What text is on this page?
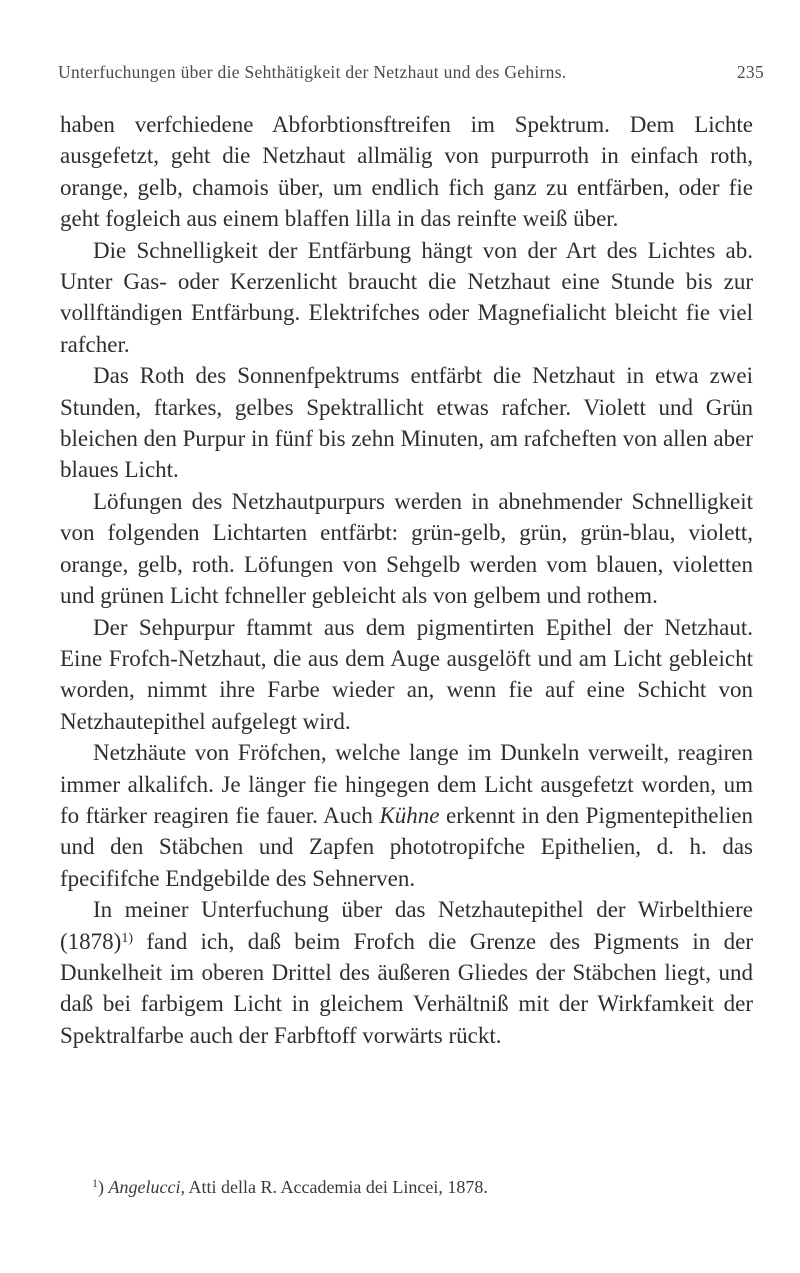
Unterfuchungen über die Sehthätigkeit der Netzhaut und des Gehirns.	235

haben verfchiedene Abforbtionsftreifen im Spektrum. Dem Lichte ausgefetzt, geht die Netzhaut allmälig von purpurroth in einfach roth, orange, gelb, chamois über, um endlich fich ganz zu entfärben, oder fie geht fogleich aus einem blaffen lilla in das reinfte weiß über.

Die Schnelligkeit der Entfärbung hängt von der Art des Lichtes ab. Unter Gas- oder Kerzenlicht braucht die Netzhaut eine Stunde bis zur vollftändigen Entfärbung. Elektrifches oder Magnefialicht bleicht fie viel rafcher.

Das Roth des Sonnenfpektrums entfärbt die Netzhaut in etwa zwei Stunden, ftarkes, gelbes Spektrallicht etwas rafcher. Violett und Grün bleichen den Purpur in fünf bis zehn Minuten, am rafcheften von allen aber blaues Licht.

Löfungen des Netzhautpurpurs werden in abnehmender Schnelligkeit von folgenden Lichtarten entfärbt: grün-gelb, grün, grün-blau, violett, orange, gelb, roth. Löfungen von Sehgelb werden vom blauen, violetten und grünen Licht fchneller gebleicht als von gelbem und rothem.

Der Sehpurpur ftammt aus dem pigmentirten Epithel der Netzhaut. Eine Frofch-Netzhaut, die aus dem Auge ausgelöft und am Licht gebleicht worden, nimmt ihre Farbe wieder an, wenn fie auf eine Schicht von Netzhautepithel aufgelegt wird.

Netzhäute von Fröfchen, welche lange im Dunkeln verweilt, reagiren immer alkalifch. Je länger fie hingegen dem Licht ausgefetzt worden, um fo ftärker reagiren fie fauer. Auch Kühne erkennt in den Pigmentepithelien und den Stäbchen und Zapfen phototropifche Epithelien, d. h. das fpecififche Endgebilde des Sehnerven.

In meiner Unterfuchung über das Netzhautepithel der Wirbelthiere $(1878)^{1)}$ fand ich, daß beim Frofch die Grenze des Pigments in der Dunkelheit im oberen Drittel des äußeren Gliedes der Stäbchen liegt, und daß bei farbigem Licht in gleichem Verhältniß mit der Wirkfamkeit der Spektralfarbe auch der Farbftoff vorwärts rückt.

$^1$) Angelucci, Atti della R. Accademia dei Lincei, 1878.
